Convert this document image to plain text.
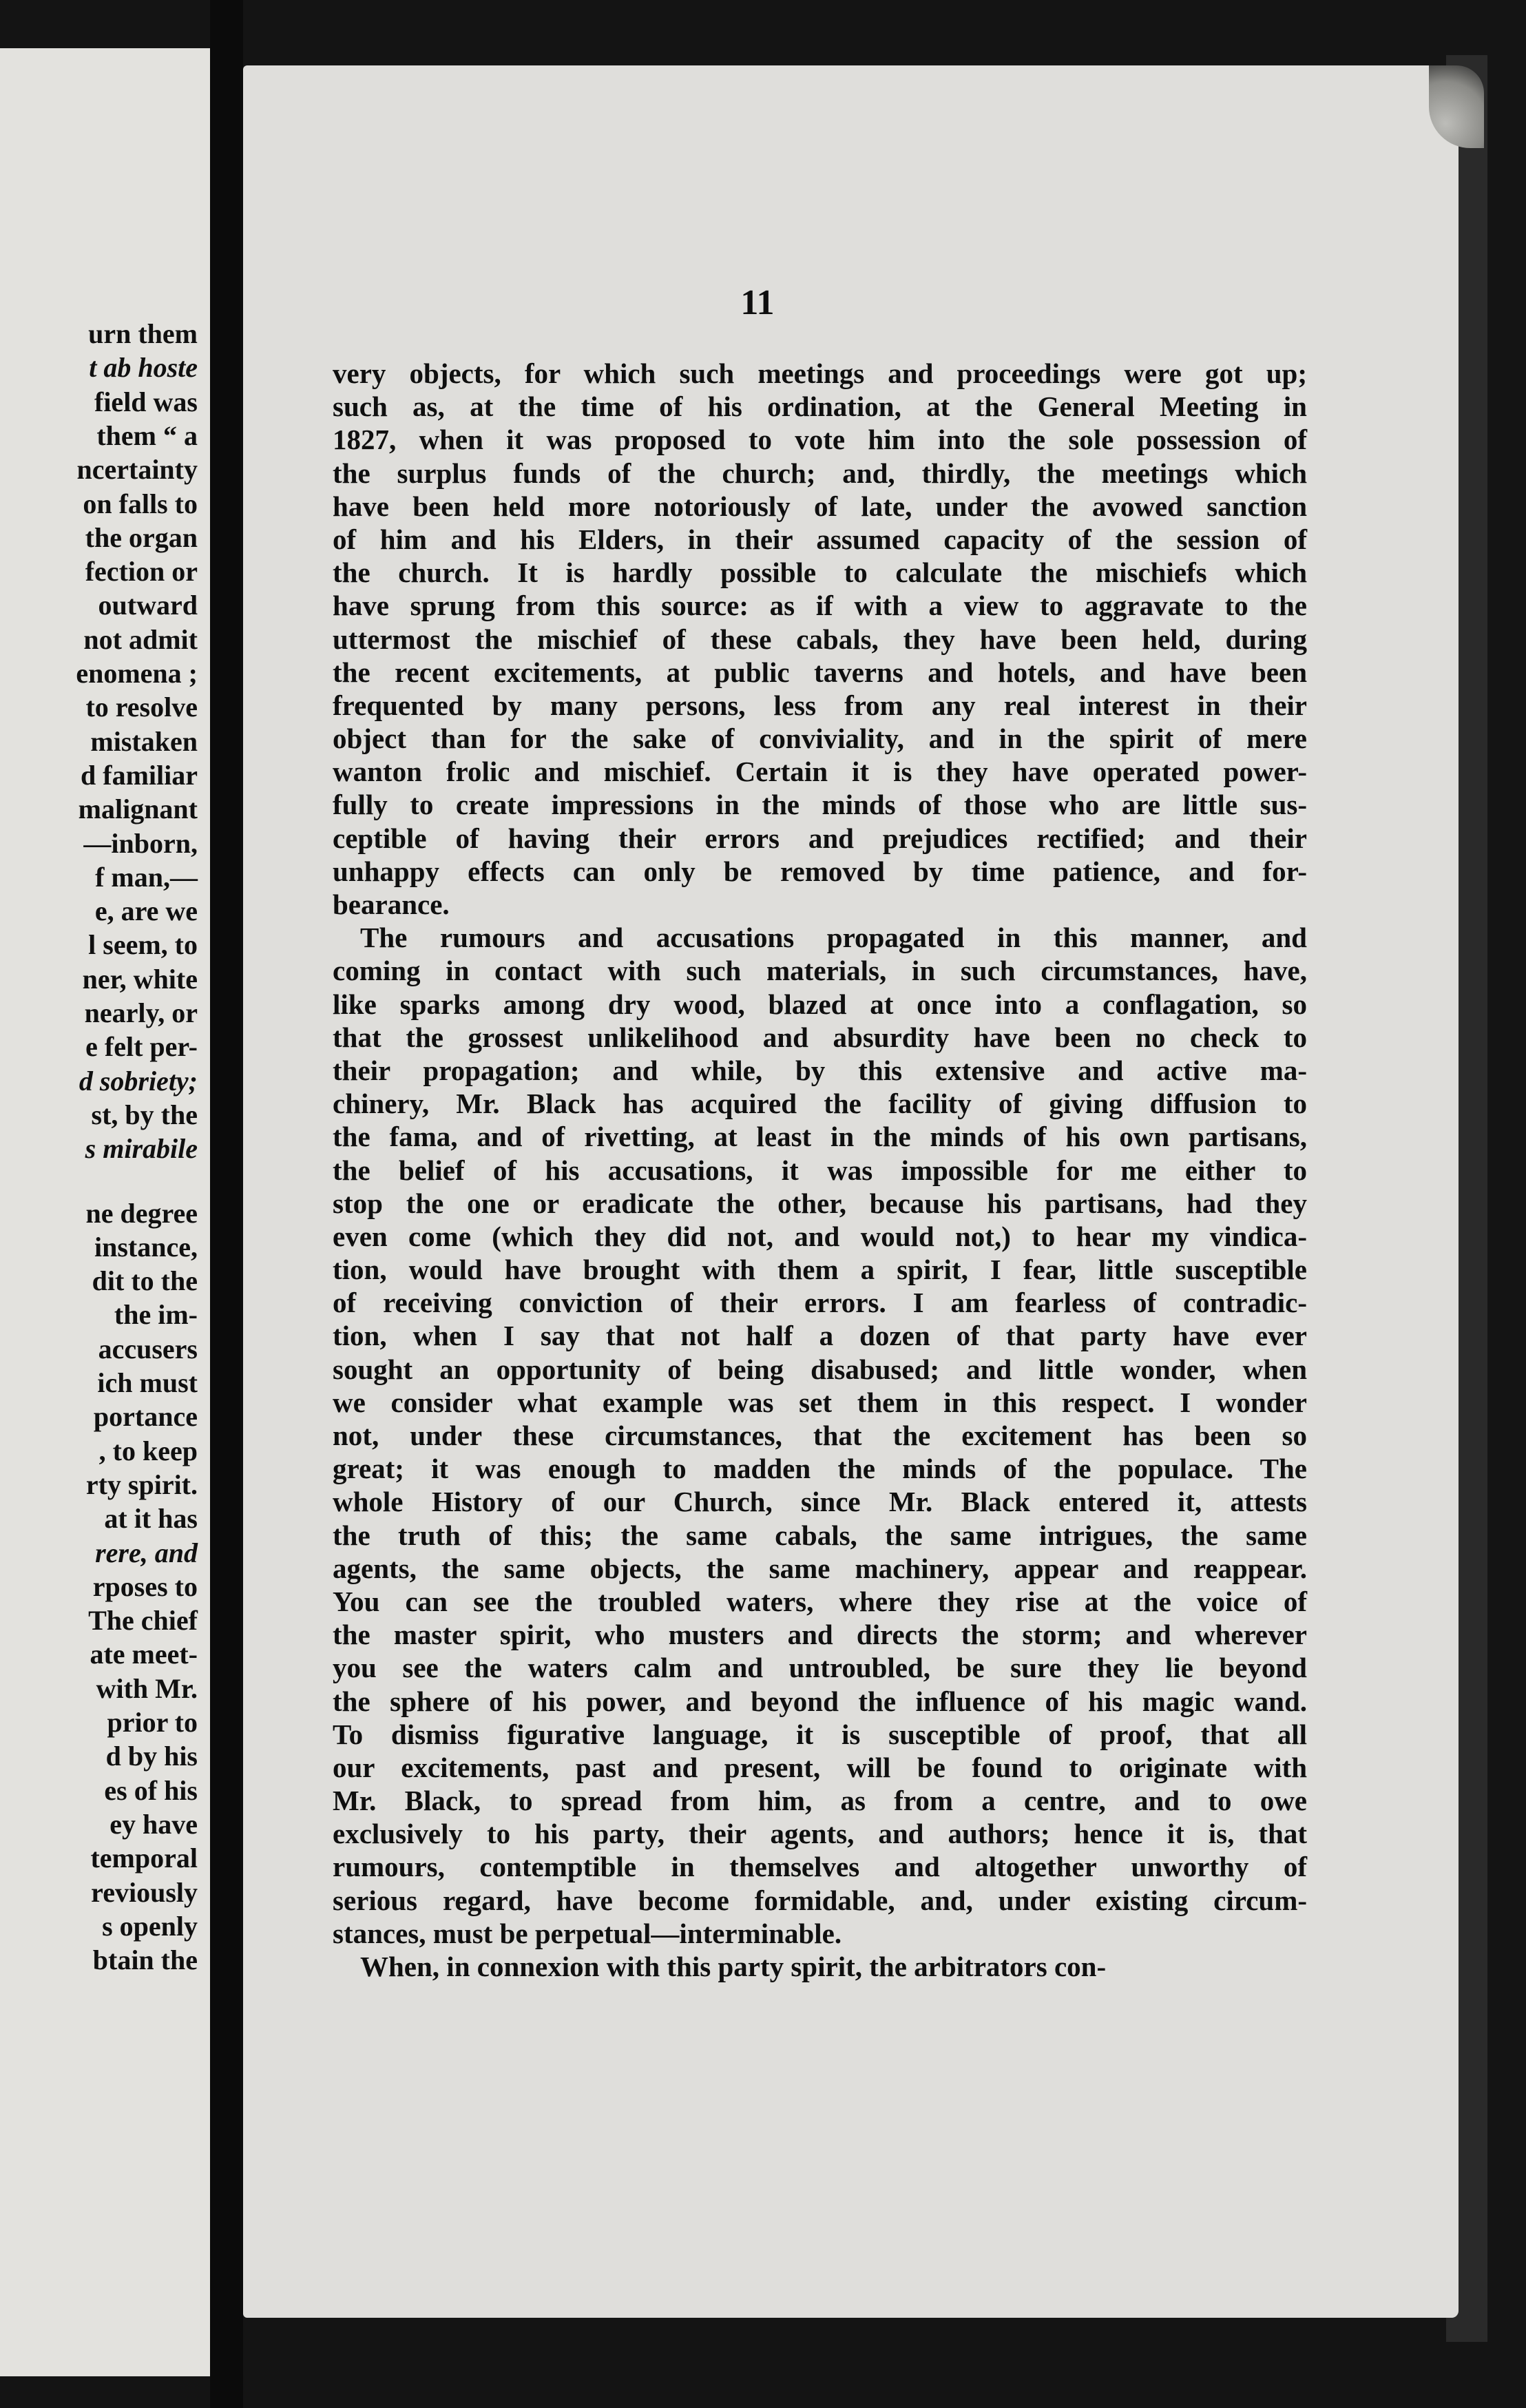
urn them
t ab hoste
field was
them “ a
ncertainty
on falls to
the organ
fection or
outward
not admit
enomena ;
to resolve
mistaken
d familiar
malignant
—inborn,
f man,—
e, are we
l seem, to
ner, white
nearly, or
e felt per-
d sobriety;
st, by the
s mirabile
ne degree
instance,
dit to the
the im-
accusers
ich must
portance
, to keep
rty spirit.
at it has
rere, and
rposes to
The chief
ate meet-
with Mr.
prior to
d by his
es of his
ey have
temporal
reviously
s openly
btain the
11
very objects, for which such meetings and proceedings were got up;
such as, at the time of his ordination, at the General Meeting in
1827, when it was proposed to vote him into the sole possession of
the surplus funds of the church; and, thirdly, the meetings which
have been held more notoriously of late, under the avowed sanction
of him and his Elders, in their assumed capacity of the session of
the church. It is hardly possible to calculate the mischiefs which
have sprung from this source: as if with a view to aggravate to the
uttermost the mischief of these cabals, they have been held, during
the recent excitements, at public taverns and hotels, and have been
frequented by many persons, less from any real interest in their
object than for the sake of conviviality, and in the spirit of mere
wanton frolic and mischief. Certain it is they have operated power-
fully to create impressions in the minds of those who are little sus-
ceptible of having their errors and prejudices rectified; and their
unhappy effects can only be removed by time patience, and for-
bearance.
The rumours and accusations propagated in this manner, and
coming in contact with such materials, in such circumstances, have,
like sparks among dry wood, blazed at once into a conflagation, so
that the grossest unlikelihood and absurdity have been no check to
their propagation; and while, by this extensive and active ma-
chinery, Mr. Black has acquired the facility of giving diffusion to
the fama, and of rivetting, at least in the minds of his own partisans,
the belief of his accusations, it was impossible for me either to
stop the one or eradicate the other, because his partisans, had they
even come (which they did not, and would not,) to hear my vindica-
tion, would have brought with them a spirit, I fear, little susceptible
of receiving conviction of their errors. I am fearless of contradic-
tion, when I say that not half a dozen of that party have ever
sought an opportunity of being disabused; and little wonder, when
we consider what example was set them in this respect. I wonder
not, under these circumstances, that the excitement has been so
great; it was enough to madden the minds of the populace. The
whole History of our Church, since Mr. Black entered it, attests
the truth of this; the same cabals, the same intrigues, the same
agents, the same objects, the same machinery, appear and reappear.
You can see the troubled waters, where they rise at the voice of
the master spirit, who musters and directs the storm; and wherever
you see the waters calm and untroubled, be sure they lie beyond
the sphere of his power, and beyond the influence of his magic wand.
To dismiss figurative language, it is susceptible of proof, that all
our excitements, past and present, will be found to originate with
Mr. Black, to spread from him, as from a centre, and to owe
exclusively to his party, their agents, and authors; hence it is, that
rumours, contemptible in themselves and altogether unworthy of
serious regard, have become formidable, and, under existing circum-
stances, must be perpetual—interminable.
When, in connexion with this party spirit, the arbitrators con-
